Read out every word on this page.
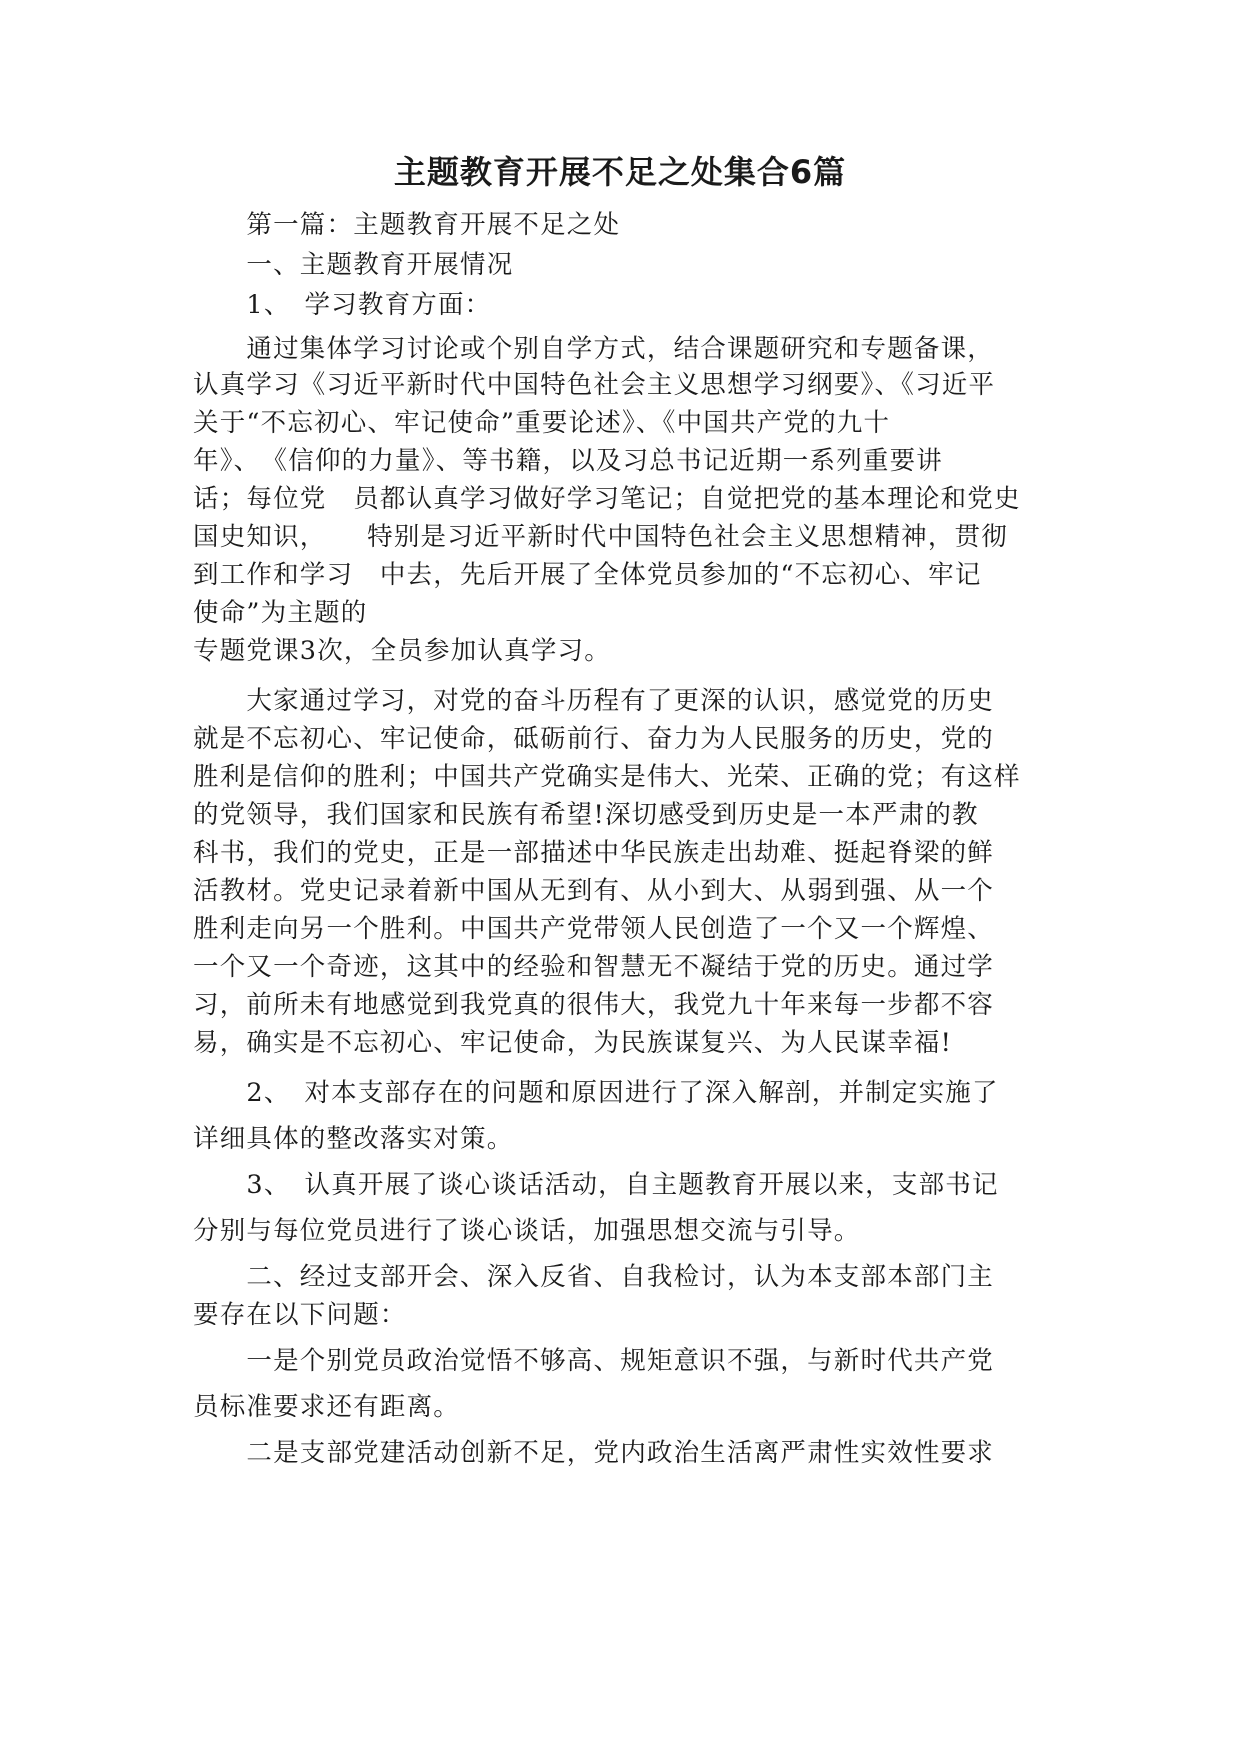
主题教育开展不足之处集合6篇
　　第一篇：主题教育开展不足之处
　　一、主题教育开展情况
　　1、　学习教育方面：
　　通过集体学习讨论或个别自学方式，结合课题研究和专题备课，
认真学习《习近平新时代中国特色社会主义思想学习纲要》、《习近平
关于“不忘初心、牢记使命”重要论述》、《中国共产党的九十
年》、　《信仰的力量》、等书籍，以及习总书记近期一系列重要讲
话；每位党　员都认真学习做好学习笔记；自觉把党的基本理论和党史
国史知识，　　特别是习近平新时代中国特色社会主义思想精神，贯彻
到工作和学习　中去，先后开展了全体党员参加的“不忘初心、牢记
使命”为主题的
专题党课3次，全员参加认真学习。
　　大家通过学习，对党的奋斗历程有了更深的认识，感觉党的历史
就是不忘初心、牢记使命，砥砺前行、奋力为人民服务的历史，党的
胜利是信仰的胜利；中国共产党确实是伟大、光荣、正确的党；有这样
的党领导，我们国家和民族有希望!深切感受到历史是一本严肃的教
科书，我们的党史，正是一部描述中华民族走出劫难、挺起脊梁的鲜
活教材。党史记录着新中国从无到有、从小到大、从弱到强、从一个
胜利走向另一个胜利。中国共产党带领人民创造了一个又一个辉煌、
一个又一个奇迹，这其中的经验和智慧无不凝结于党的历史。通过学
习，前所未有地感觉到我党真的很伟大，我党九十年来每一步都不容
易，确实是不忘初心、牢记使命，为民族谋复兴、为人民谋幸福!
　　2、　对本支部存在的问题和原因进行了深入解剖，并制定实施了
详细具体的整改落实对策。
　　3、　认真开展了谈心谈话活动，自主题教育开展以来，支部书记
分别与每位党员进行了谈心谈话，加强思想交流与引导。
　　二、经过支部开会、深入反省、自我检讨，认为本支部本部门主
要存在以下问题：
　　一是个别党员政治觉悟不够高、规矩意识不强，与新时代共产党
员标准要求还有距离。
　　二是支部党建活动创新不足，党内政治生活离严肃性实效性要求
